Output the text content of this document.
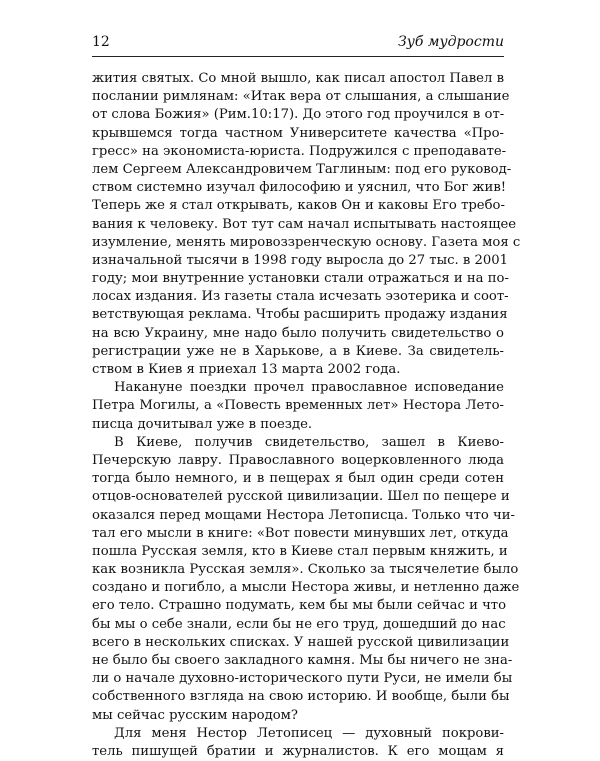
12	Зуб мудрости
жития святых. Со мной вышло, как писал апостол Павел в
послании римлянам: «Итак вера от слышания, а слышание
от слова Божия» (Рим.10:17). До этого год проучился в от-
крывшемся тогда частном Университете качества «Про-
гресс» на экономиста-юриста. Подружился с преподавате-
лем Сергеем Александровичем Таглиным: под его руковод-
ством системно изучал философию и уяснил, что Бог жив!
Теперь же я стал открывать, каков Он и каковы Его требо-
вания к человеку. Вот тут сам начал испытывать настоящее
изумление, менять мировоззренческую основу. Газета моя с
изначальной тысячи в 1998 году выросла до 27 тыс. в 2001
году; мои внутренние установки стали отражаться и на по-
лосах издания. Из газеты стала исчезать эзотерика и соот-
ветствующая реклама. Чтобы расширить продажу издания
на всю Украину, мне надо было получить свидетельство о
регистрации уже не в Харькове, а в Киеве. За свидетель-
ством в Киев я приехал 13 марта 2002 года.
Накануне поездки прочел православное исповедание
Петра Могилы, а «Повесть временных лет» Нестора Лето-
писца дочитывал уже в поезде.
В Киеве, получив свидетельство, зашел в Киево-
Печерскую лавру. Православного воцерковленного люда
тогда было немного, и в пещерах я был один среди сотен
отцов-основателей русской цивилизации. Шел по пещере и
оказался перед мощами Нестора Летописца. Только что чи-
тал его мысли в книге: «Вот повести минувших лет, откуда
пошла Русская земля, кто в Киеве стал первым княжить, и
как возникла Русская земля». Сколько за тысячелетие было
создано и погибло, а мысли Нестора живы, и нетленно даже
его тело. Страшно подумать, кем бы мы были сейчас и что
бы мы о себе знали, если бы не его труд, дошедший до нас
всего в нескольких списках. У нашей русской цивилизации
не было бы своего закладного камня. Мы бы ничего не зна-
ли о начале духовно-исторического пути Руси, не имели бы
собственного взгляда на свою историю. И вообще, были бы
мы сейчас русским народом?
Для меня Нестор Летописец — духовный покрови-
тель пишущей братии и журналистов. К его мощам я
